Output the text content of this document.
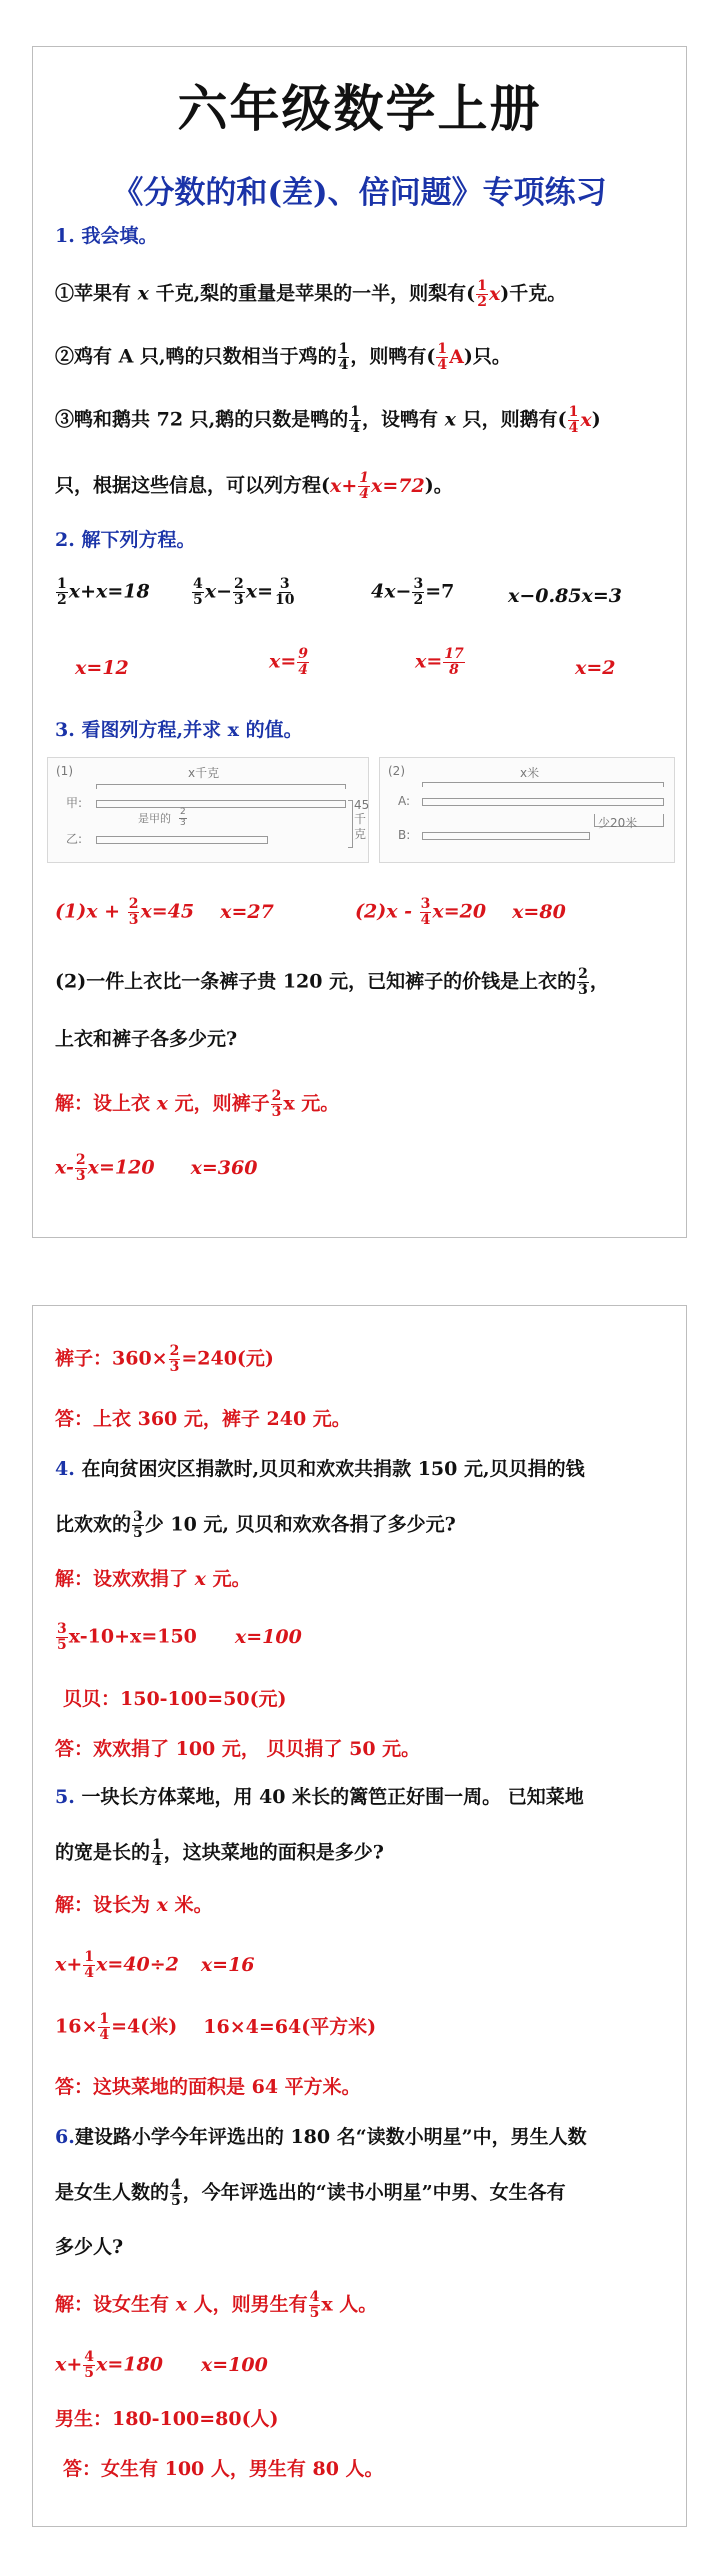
六年级数学上册
《分数的和(差)、倍问题》专项练习
1. 我会填。
①苹果有 x 千克,梨的重量是苹果的一半，则梨有( $\frac{1}{2} x$)千克。
②鸡有 A 只,鸭的只数相当于鸡的 $\frac{1}{4}$ ，则鸭有( $\frac{1}{4} A$)只。
③鸭和鹅共 72 只,鹅的只数是鸭的 $\frac{1}{4}$ ，设鸭有 x 只，则鹅有( $\frac{1}{4} x$)
只，根据这些信息，可以列方程$(x+ \frac{1}{4} x=72)$。
2. 解下列方程。
$\frac{1}{2} x+x=18$	$\frac{4}{5} x- \frac{2}{3} x= \frac{3}{10}$	$4x- \frac{3}{2} =7$	x−0.85x=3
x=12	$x= \frac{9}{4}$	$x= \frac{17}{8}$	x=2
3. 看图列方程,并求 x 的值。
(1)	x千克
甲:
乙:
是甲的 $\frac{2}{3}$
45千克
(2)	x米
A:
B:
少20米
$(1)x + \frac{2}{3} x=45$ x=27	$(2)x - \frac{3}{4} x=20$ x=80
(2)一件上衣比一条裤子贵 120 元，已知裤子的价钱是上衣的 $\frac{2}{3}$ ，
上衣和裤子各多少元?
解：设上衣 x 元，则裤子 $\frac{2}{3}$ x 元。
$x- \frac{2}{3} x=120$ x=360
裤子：$360\times \frac{2}{3} =240$(元)
答：上衣 360 元，裤子 240 元。
4. 在向贫困灾区捐款时,贝贝和欢欢共捐款 150 元,贝贝捐的钱
比欢欢的 $\frac{3}{5}$ 少 10 元, 贝贝和欢欢各捐了多少元?
解：设欢欢捐了 x 元。
$\frac{3}{5} x-10+x=150$ x=100
贝贝：150-100=50(元)
答：欢欢捐了 100 元， 贝贝捐了 50 元。
5. 一块长方体菜地，用 40 米长的篱笆正好围一周。 已知菜地
的宽是长的 $\frac{1}{4}$ ，这块菜地的面积是多少?
解：设长为 x 米。
$x+ \frac{1}{4} x=40\div 2$ x=16
$16\times \frac{1}{4} =4$(米) 16×4=64(平方米)
答：这块菜地的面积是 64 平方米。
6.建设路小学今年评选出的 180 名“读数小明星”中，男生人数
是女生人数的 $\frac{4}{5}$ ，今年评选出的“读书小明星”中男、女生各有
多少人?
解：设女生有 x 人，则男生有 $\frac{4}{5}$ x 人。
$x+ \frac{4}{5} x=180$ x=100
男生：180-100=80(人)
答：女生有 100 人，男生有 80 人。
